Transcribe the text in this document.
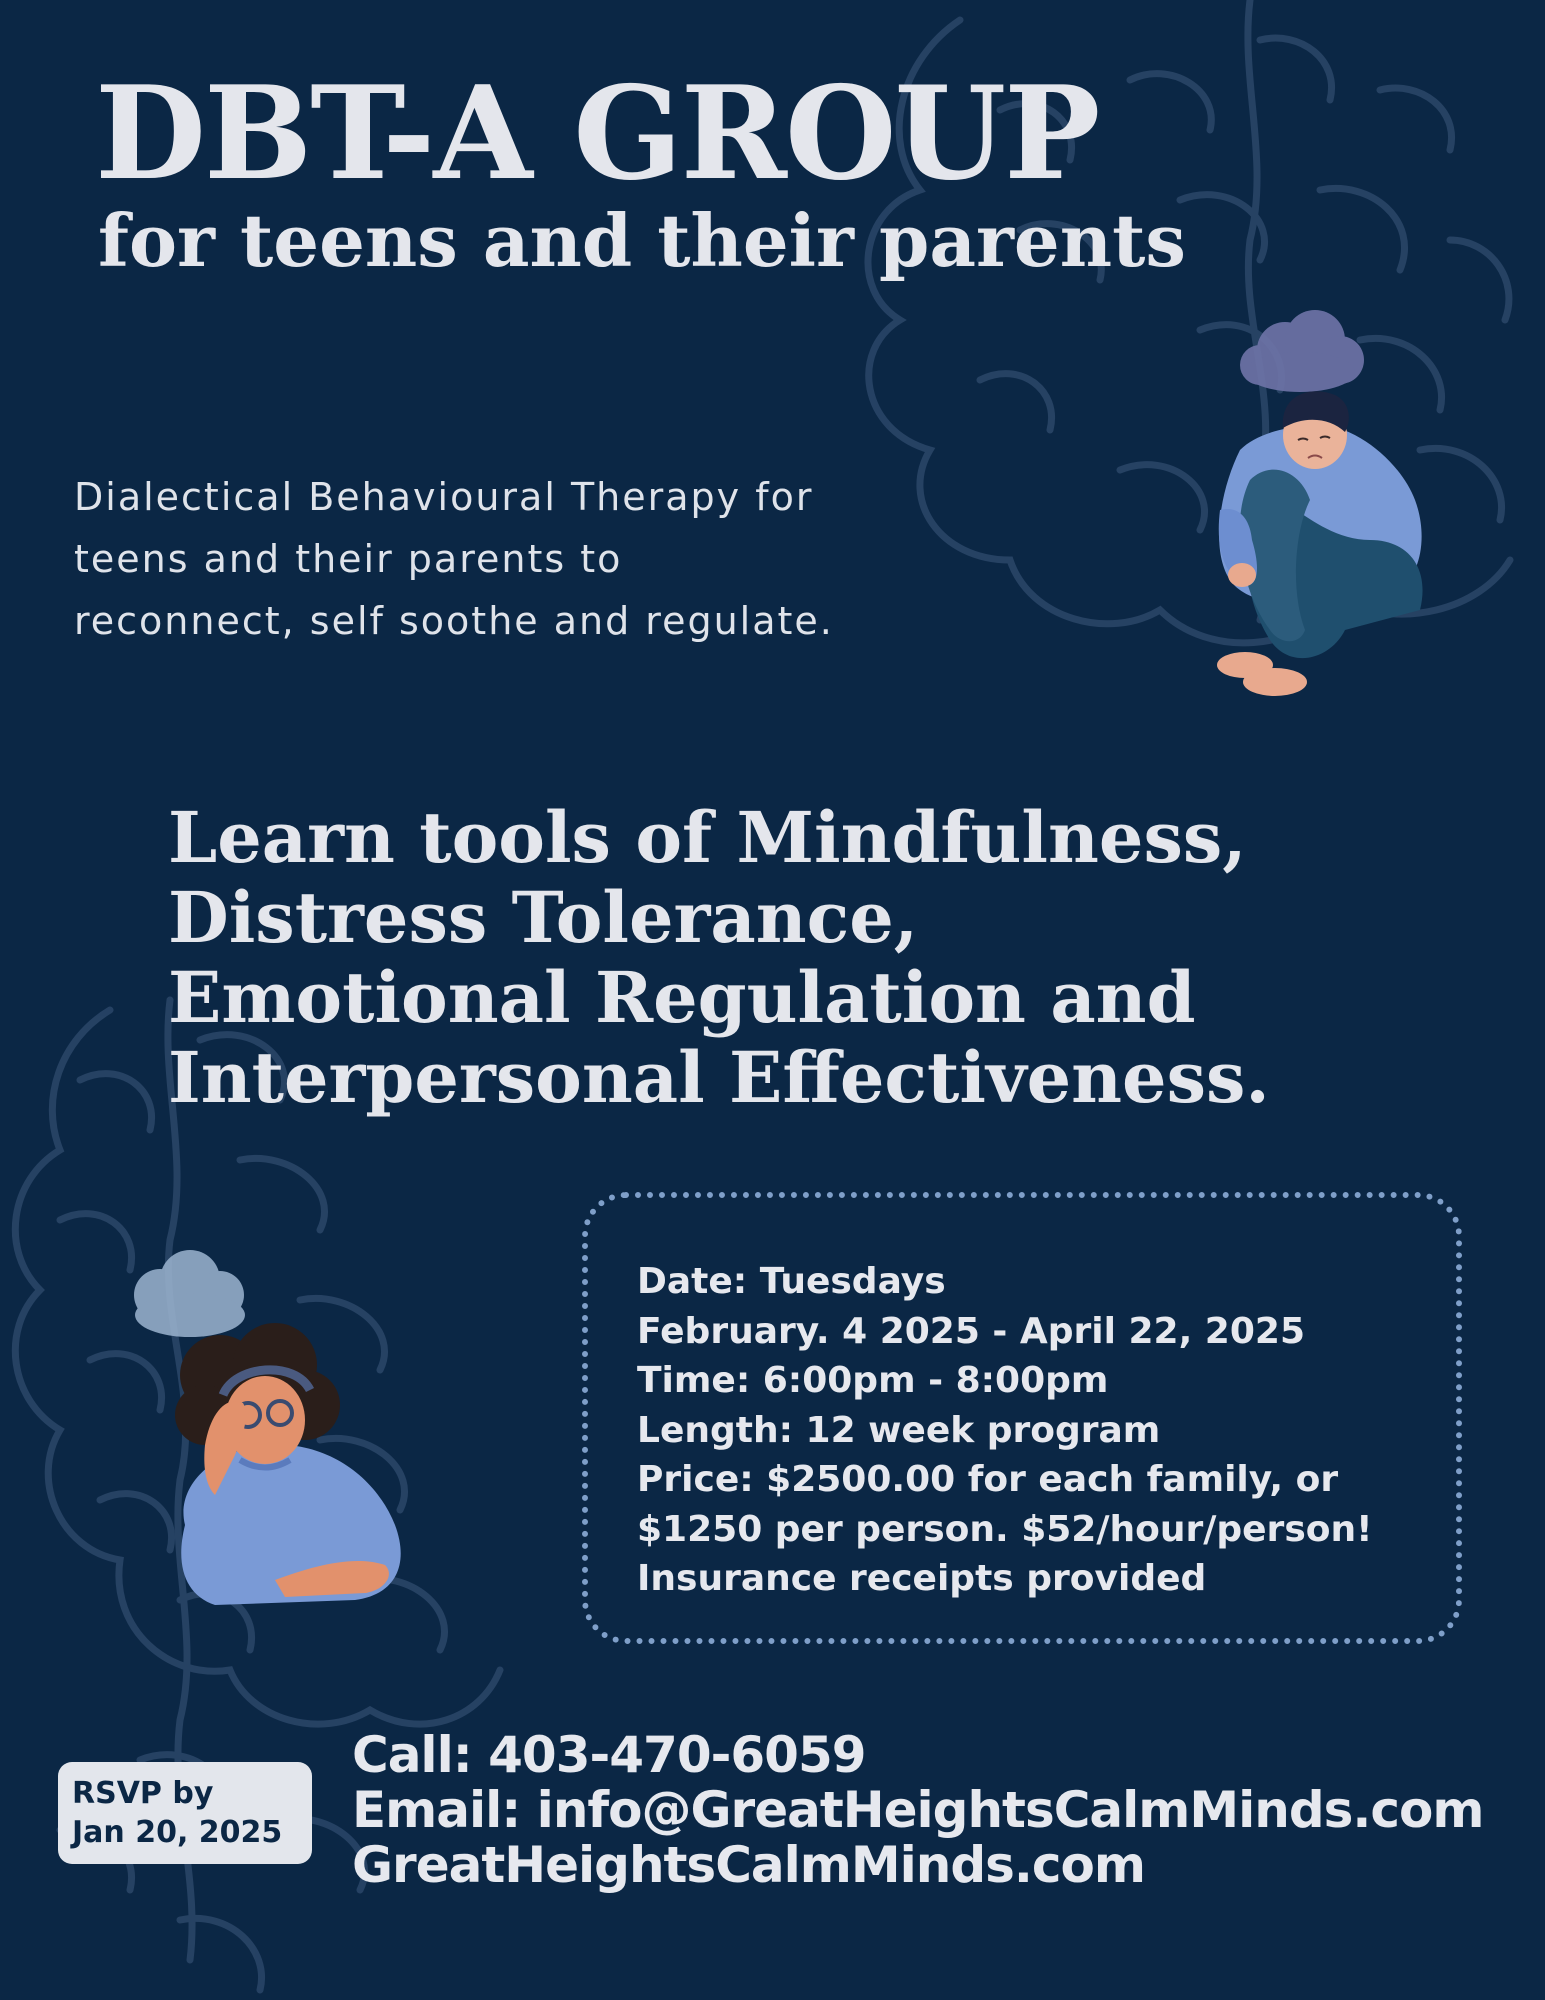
DBT-A GROUP
for teens and their parents
Dialectical Behavioural Therapy for
teens and their parents to
reconnect, self soothe and regulate.
Learn tools of Mindfulness,
Distress Tolerance,
Emotional Regulation and
Interpersonal Effectiveness.
Date: Tuesdays
February. 4 2025 - April 22, 2025
Time: 6:00pm - 8:00pm
Length: 12 week program
Price: $2500.00 for each family, or
$1250 per person. $52/hour/person!
Insurance receipts provided
RSVP by
Jan 20, 2025
Call: 403-470-6059
Email: info@GreatHeightsCalmMinds.com
GreatHeightsCalmMinds.com
